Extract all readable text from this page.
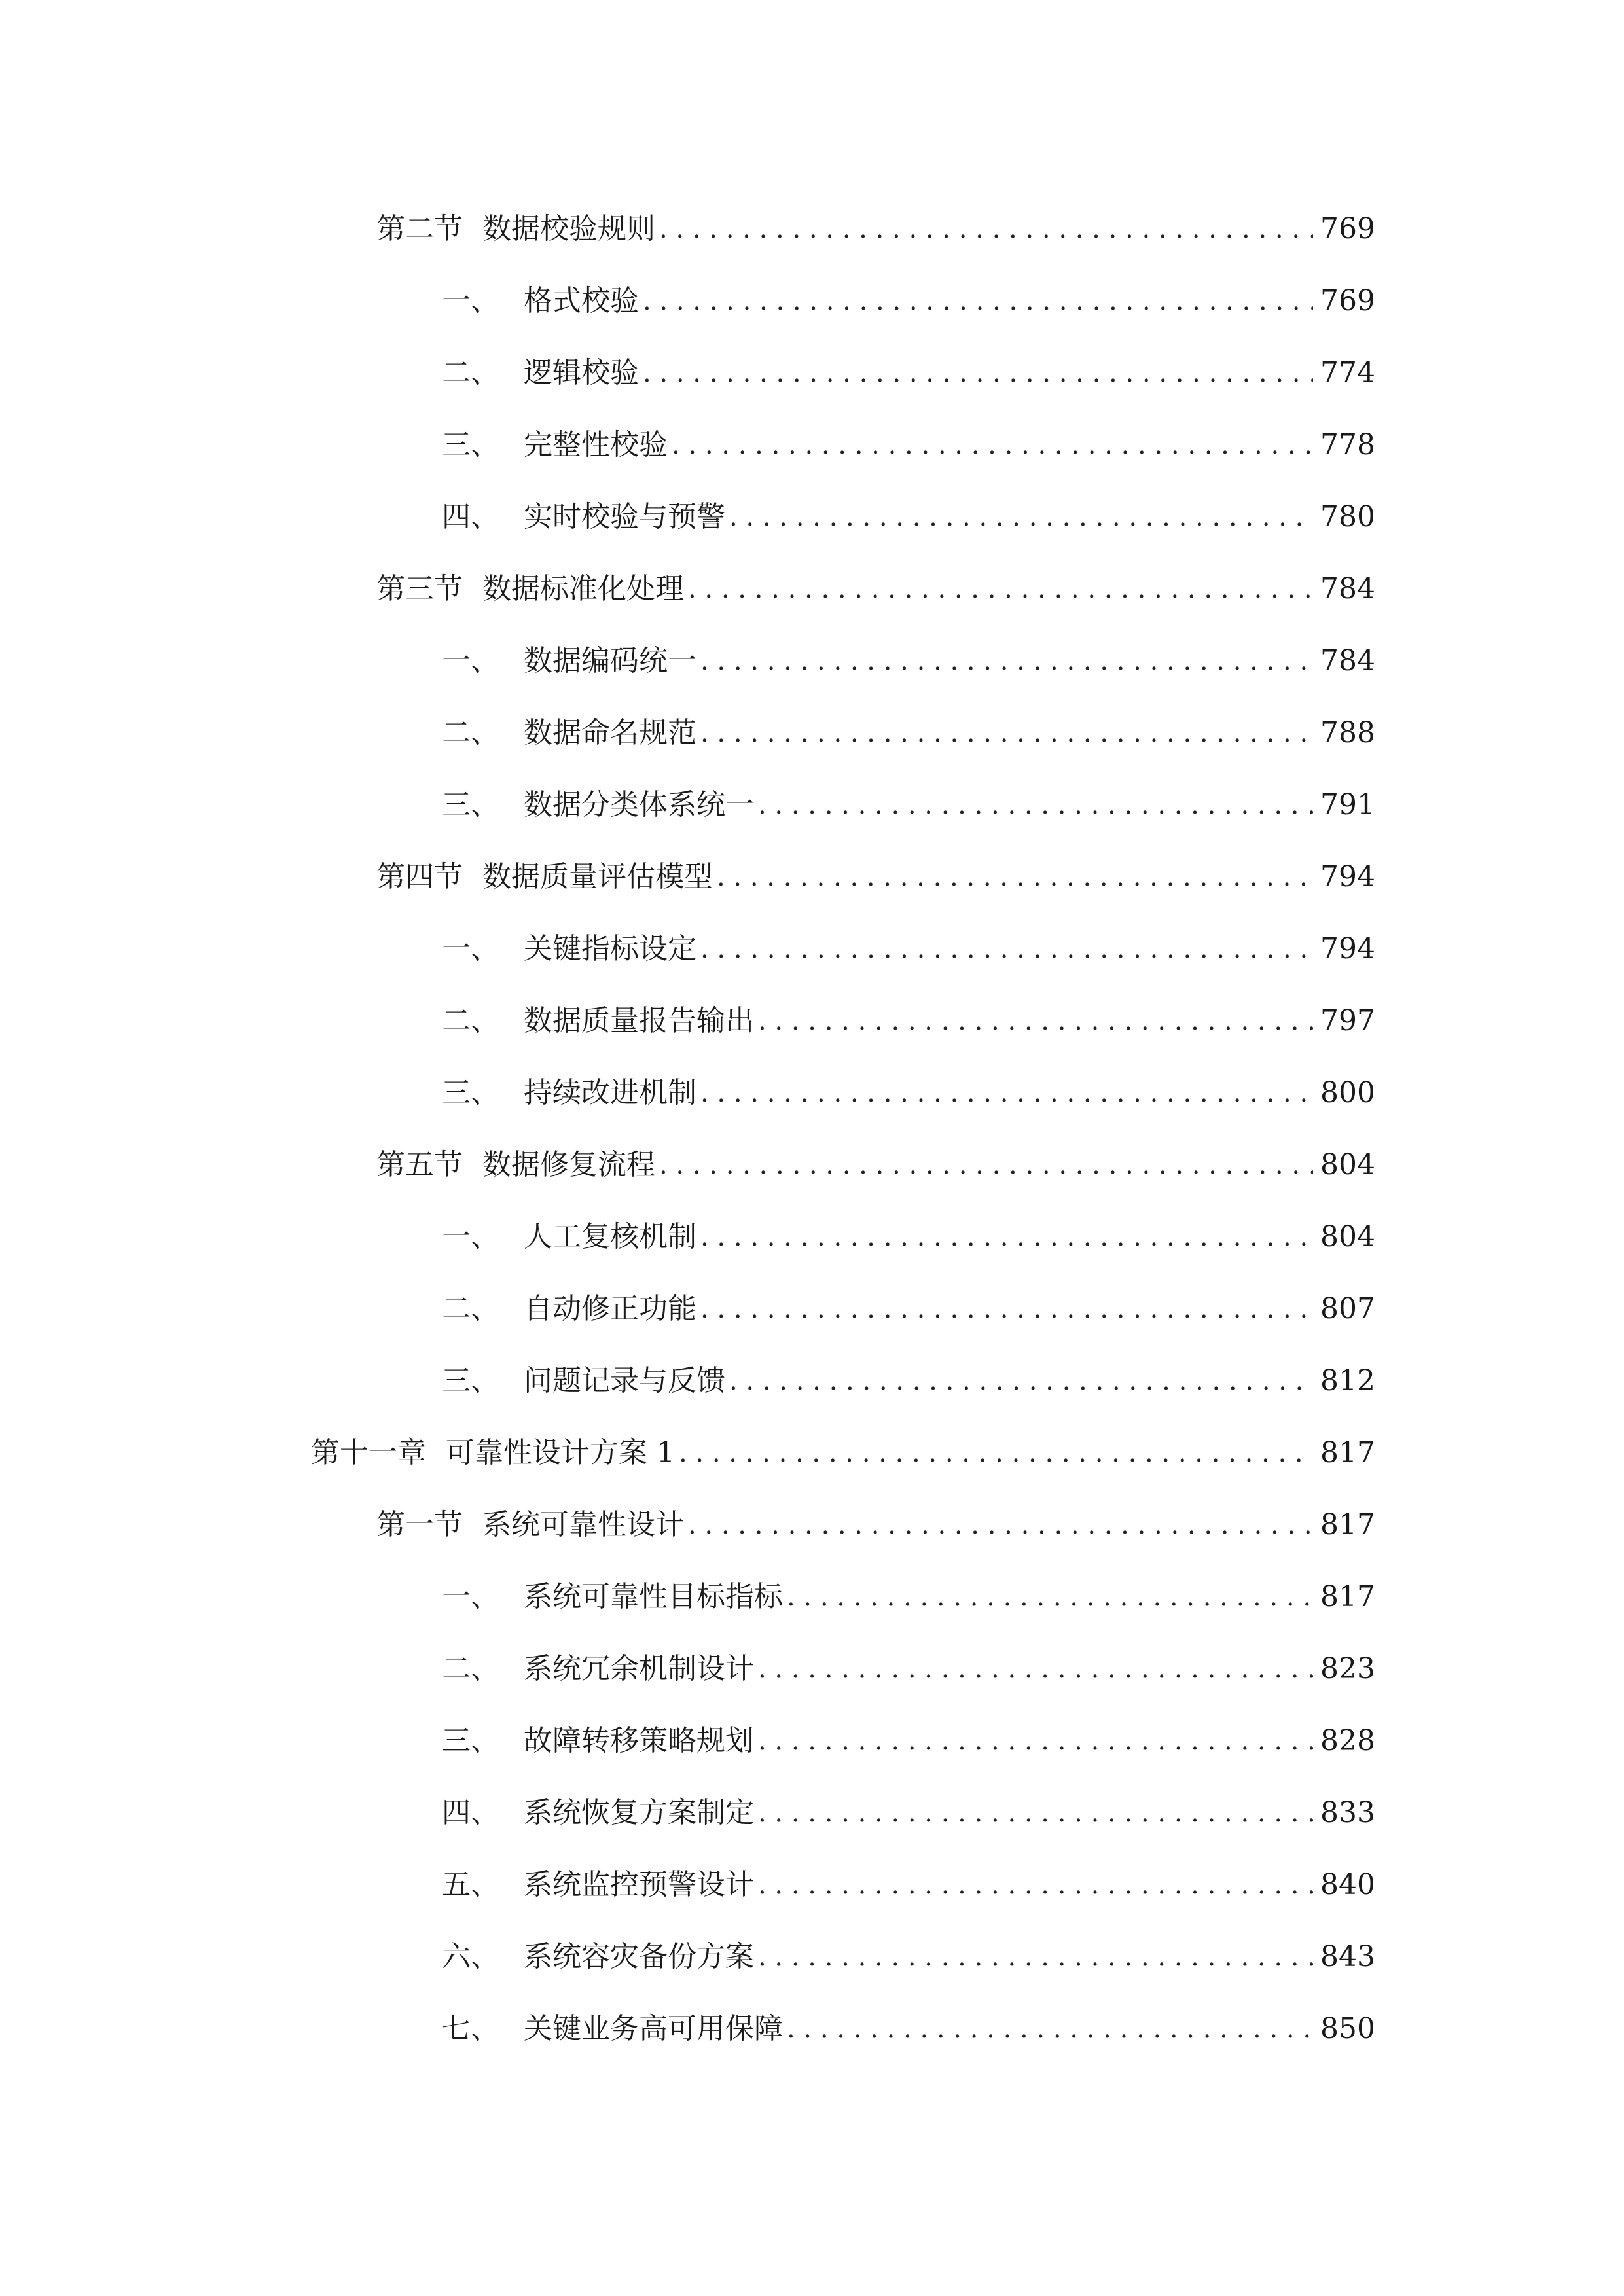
第二节 数据校验规则 . . .	769
一、 格式校验 . . .	769
二、 逻辑校验 . . .	774
三、 完整性校验 . . .	778
四、 实时校验与预警 . . .	780
第三节 数据标准化处理 . . .	784
一、 数据编码统一 . . .	784
二、 数据命名规范 . . .	788
三、 数据分类体系统一 . . .	791
第四节 数据质量评估模型 . . .	794
一、 关键指标设定 . . .	794
二、 数据质量报告输出 . . .	797
三、 持续改进机制 . . .	800
第五节 数据修复流程 . . .	804
一、 人工复核机制 . . .	804
二、 自动修正功能 . . .	807
三、 问题记录与反馈 . . .	812
第十一章 可靠性设计方案 1 . . .	817
第一节 系统可靠性设计 . . .	817
一、 系统可靠性目标指标 . . .	817
二、 系统冗余机制设计 . . .	823
三、 故障转移策略规划 . . .	828
四、 系统恢复方案制定 . . .	833
五、 系统监控预警设计 . . .	840
六、 系统容灾备份方案 . . .	843
七、 关键业务高可用保障 . . .	850
